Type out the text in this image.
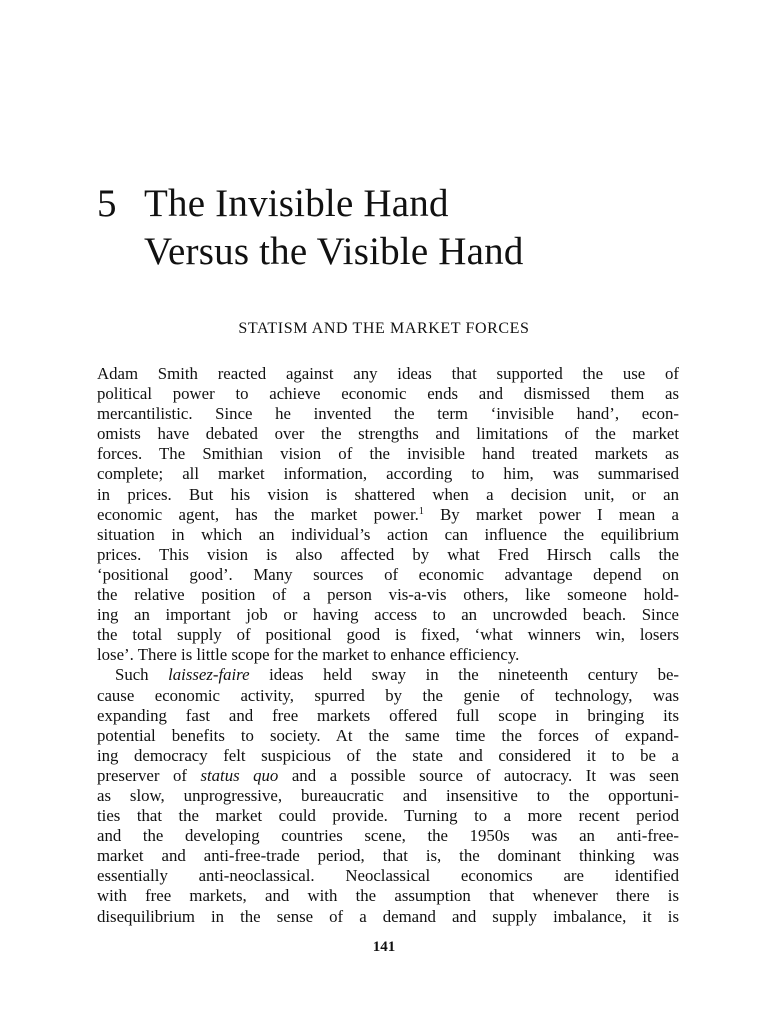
5 The Invisible Hand
Versus the Visible Hand
STATISM AND THE MARKET FORCES
Adam Smith reacted against any ideas that supported the use of
political power to achieve economic ends and dismissed them as
mercantilistic. Since he invented the term ‘invisible hand’, econ-
omists have debated over the strengths and limitations of the market
forces. The Smithian vision of the invisible hand treated markets as
complete; all market information, according to him, was summarised
in prices. But his vision is shattered when a decision unit, or an
economic agent, has the market power.$^1$ By market power I mean a
situation in which an individual’s action can influence the equilibrium
prices. This vision is also affected by what Fred Hirsch calls the
‘positional good’. Many sources of economic advantage depend on
the relative position of a person vis-a-vis others, like someone hold-
ing an important job or having access to an uncrowded beach. Since
the total supply of positional good is fixed, ‘what winners win, losers
lose’. There is little scope for the market to enhance efficiency.
Such laissez-faire ideas held sway in the nineteenth century be-
cause economic activity, spurred by the genie of technology, was
expanding fast and free markets offered full scope in bringing its
potential benefits to society. At the same time the forces of expand-
ing democracy felt suspicious of the state and considered it to be a
preserver of status quo and a possible source of autocracy. It was seen
as slow, unprogressive, bureaucratic and insensitive to the opportuni-
ties that the market could provide. Turning to a more recent period
and the developing countries scene, the 1950s was an anti-free-
market and anti-free-trade period, that is, the dominant thinking was
essentially anti-neoclassical. Neoclassical economics are identified
with free markets, and with the assumption that whenever there is
disequilibrium in the sense of a demand and supply imbalance, it is
141
